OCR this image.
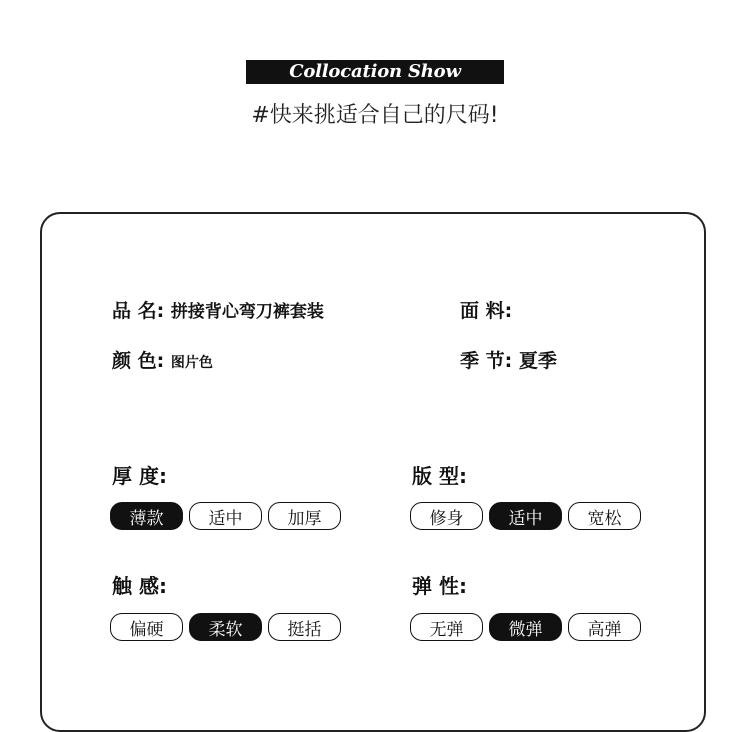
Collocation Show
#快来挑适合自己的尺码!
品 名: 拼接背心弯刀裤套装	面 料:
颜 色: 图片色	季 节: 夏季
厚 度:
薄款	适中	加厚
版 型:
修身	适中	宽松
触 感:
偏硬	柔软	挺括
弹 性:
无弹	微弹	高弹
